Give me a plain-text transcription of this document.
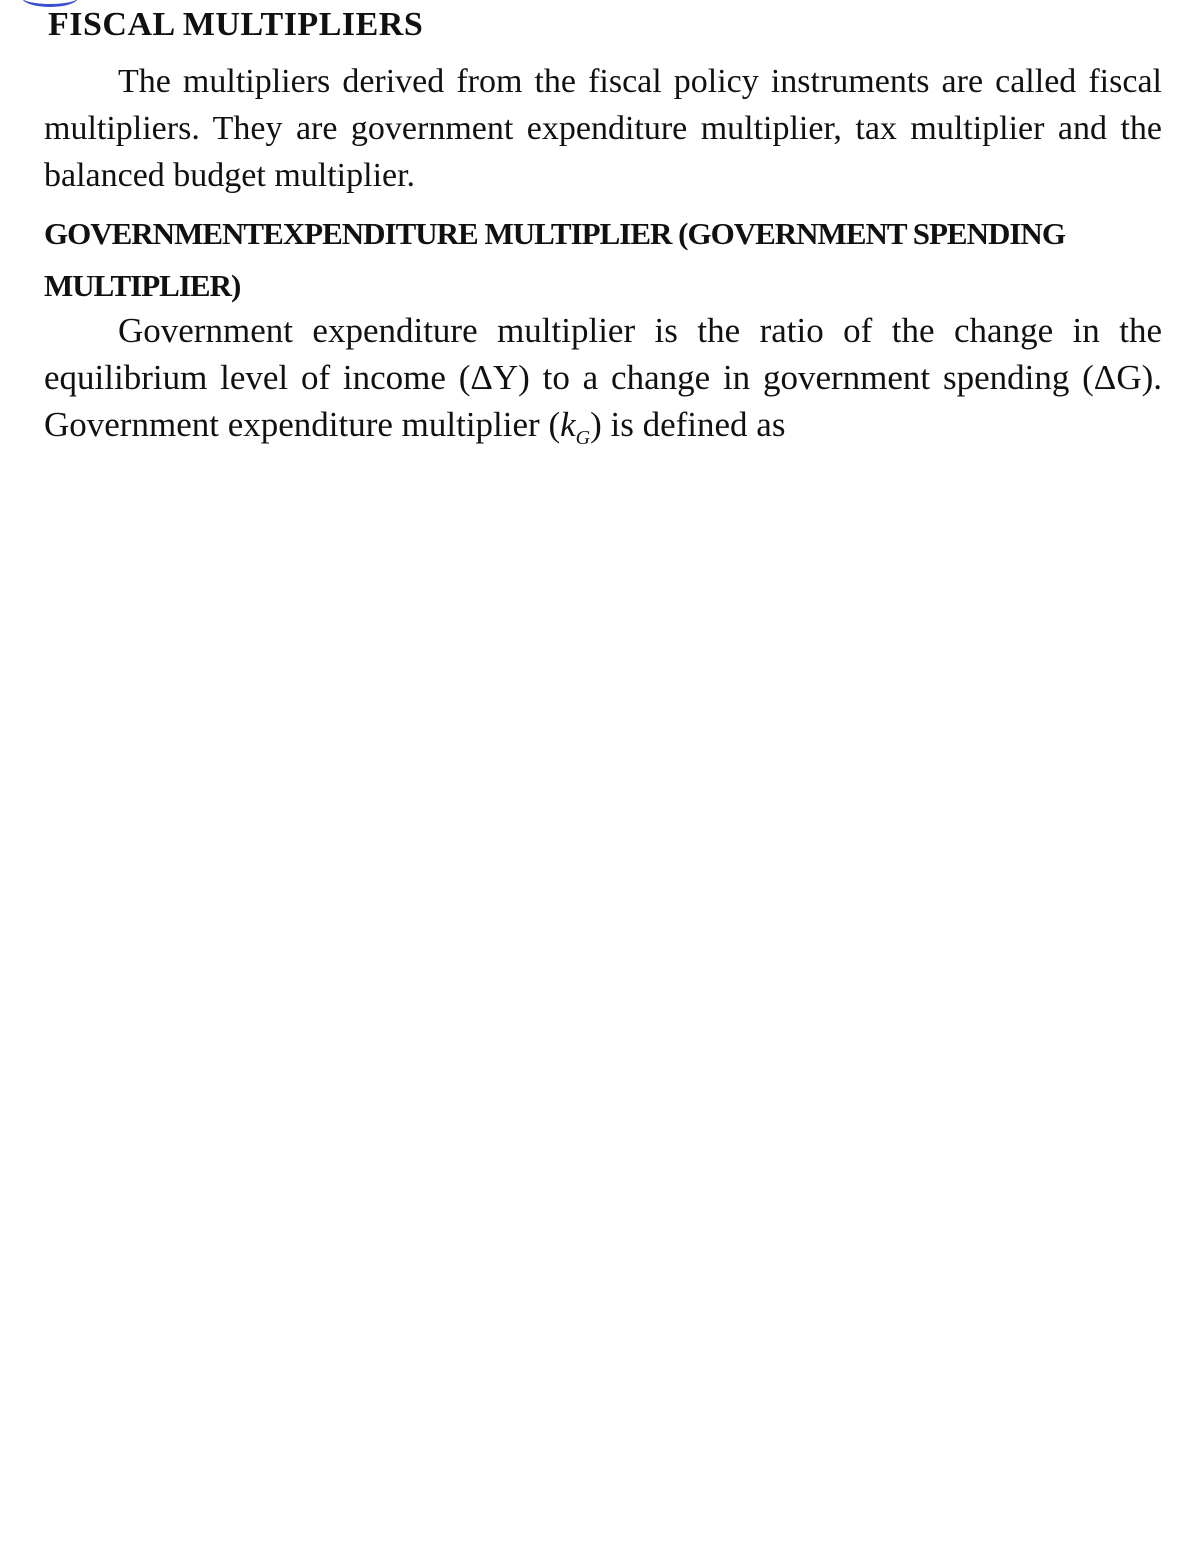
FISCAL MULTIPLIERS

The multipliers derived from the fiscal policy instruments are called fiscal multipliers. They are government expenditure multiplier, tax multiplier and the balanced budget multiplier.

GOVERNMENTEXPENDITURE MULTIPLIER (GOVERNMENT SPENDING MULTIPLIER)

Government expenditure multiplier is the ratio of the change in the equilibrium level of income (ΔY) to a change in government spending (ΔG). Government expenditure multiplier $(k_G)$ is defined as
